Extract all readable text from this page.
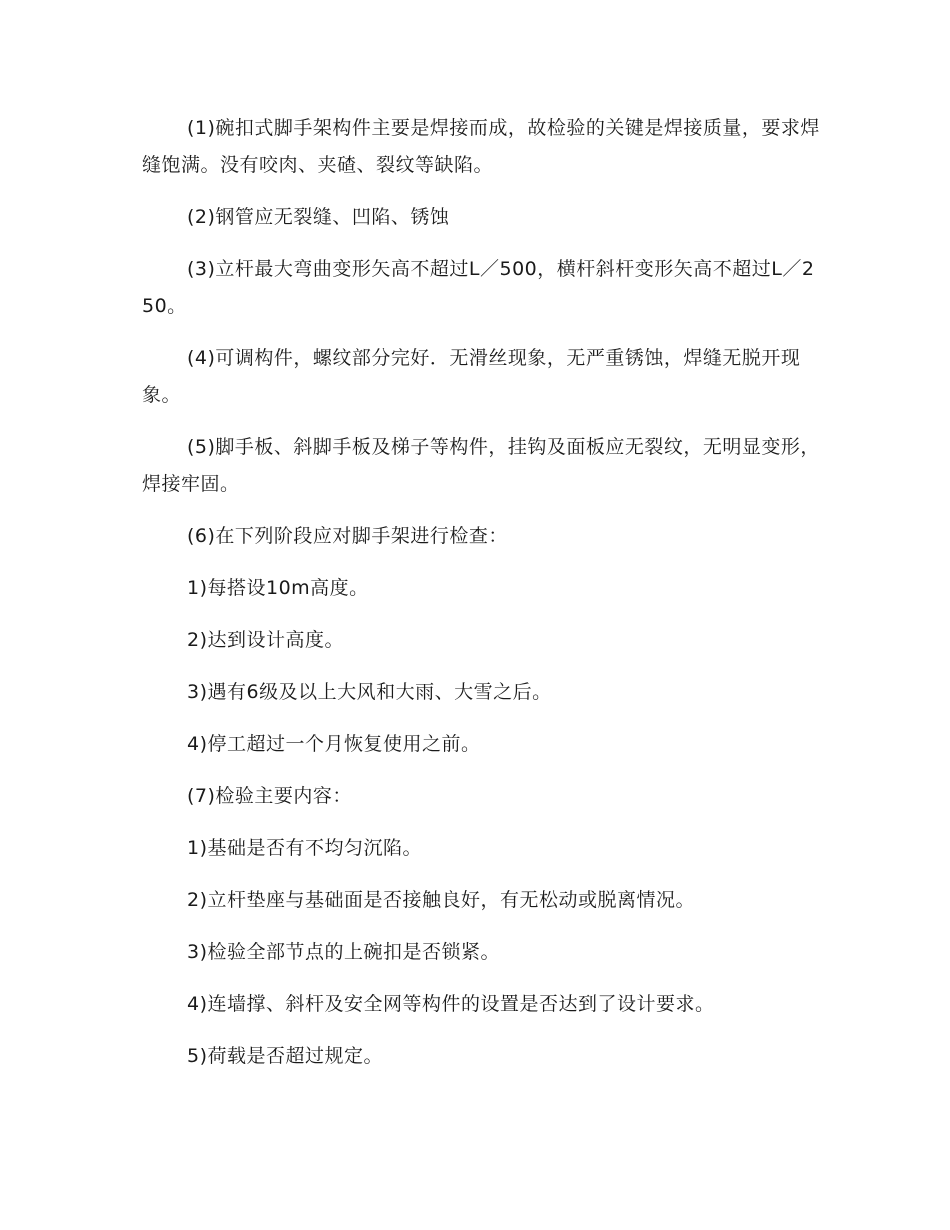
(1)碗扣式脚手架构件主要是焊接而成，故检验的关键是焊接质量，要求焊缝饱满。没有咬肉、夹碴、裂纹等缺陷。

(2)钢管应无裂缝、凹陷、锈蚀

(3)立杆最大弯曲变形矢高不超过L／500，横杆斜杆变形矢高不超过L／250。

(4)可调构件，螺纹部分完好．无滑丝现象，无严重锈蚀，焊缝无脱开现象。

(5)脚手板、斜脚手板及梯子等构件，挂钩及面板应无裂纹，无明显变形，焊接牢固。

(6)在下列阶段应对脚手架进行检查：

1)每搭设10m高度。

2)达到设计高度。

3)遇有6级及以上大风和大雨、大雪之后。

4)停工超过一个月恢复使用之前。

(7)检验主要内容：

1)基础是否有不均匀沉陷。

2)立杆垫座与基础面是否接触良好，有无松动或脱离情况。

3)检验全部节点的上碗扣是否锁紧。

4)连墙撑、斜杆及安全网等构件的设置是否达到了设计要求。

5)荷载是否超过规定。
